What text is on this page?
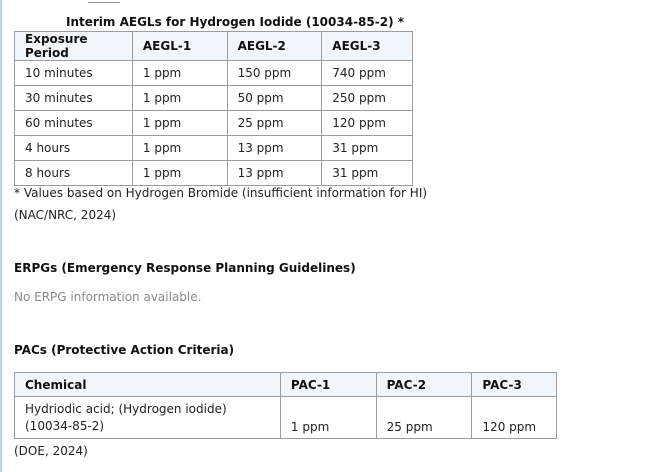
Interim AEGLs for Hydrogen Iodide (10034-85-2) *
Exposure Period	AEGL-1	AEGL-2	AEGL-3
10 minutes	1 ppm	150 ppm	740 ppm
30 minutes	1 ppm	50 ppm	250 ppm
60 minutes	1 ppm	25 ppm	120 ppm
4 hours	1 ppm	13 ppm	31 ppm
8 hours	1 ppm	13 ppm	31 ppm
* Values based on Hydrogen Bromide (insufficient information for HI)
(NAC/NRC, 2024)
ERPGs (Emergency Response Planning Guidelines)
No ERPG information available.
PACs (Protective Action Criteria)
Chemical	PAC-1	PAC-2	PAC-3

Hydriodic acid; (Hydrogen iodide)
(10034-85-2)	1 ppm	25 ppm	120 ppm
(DOE, 2024)
